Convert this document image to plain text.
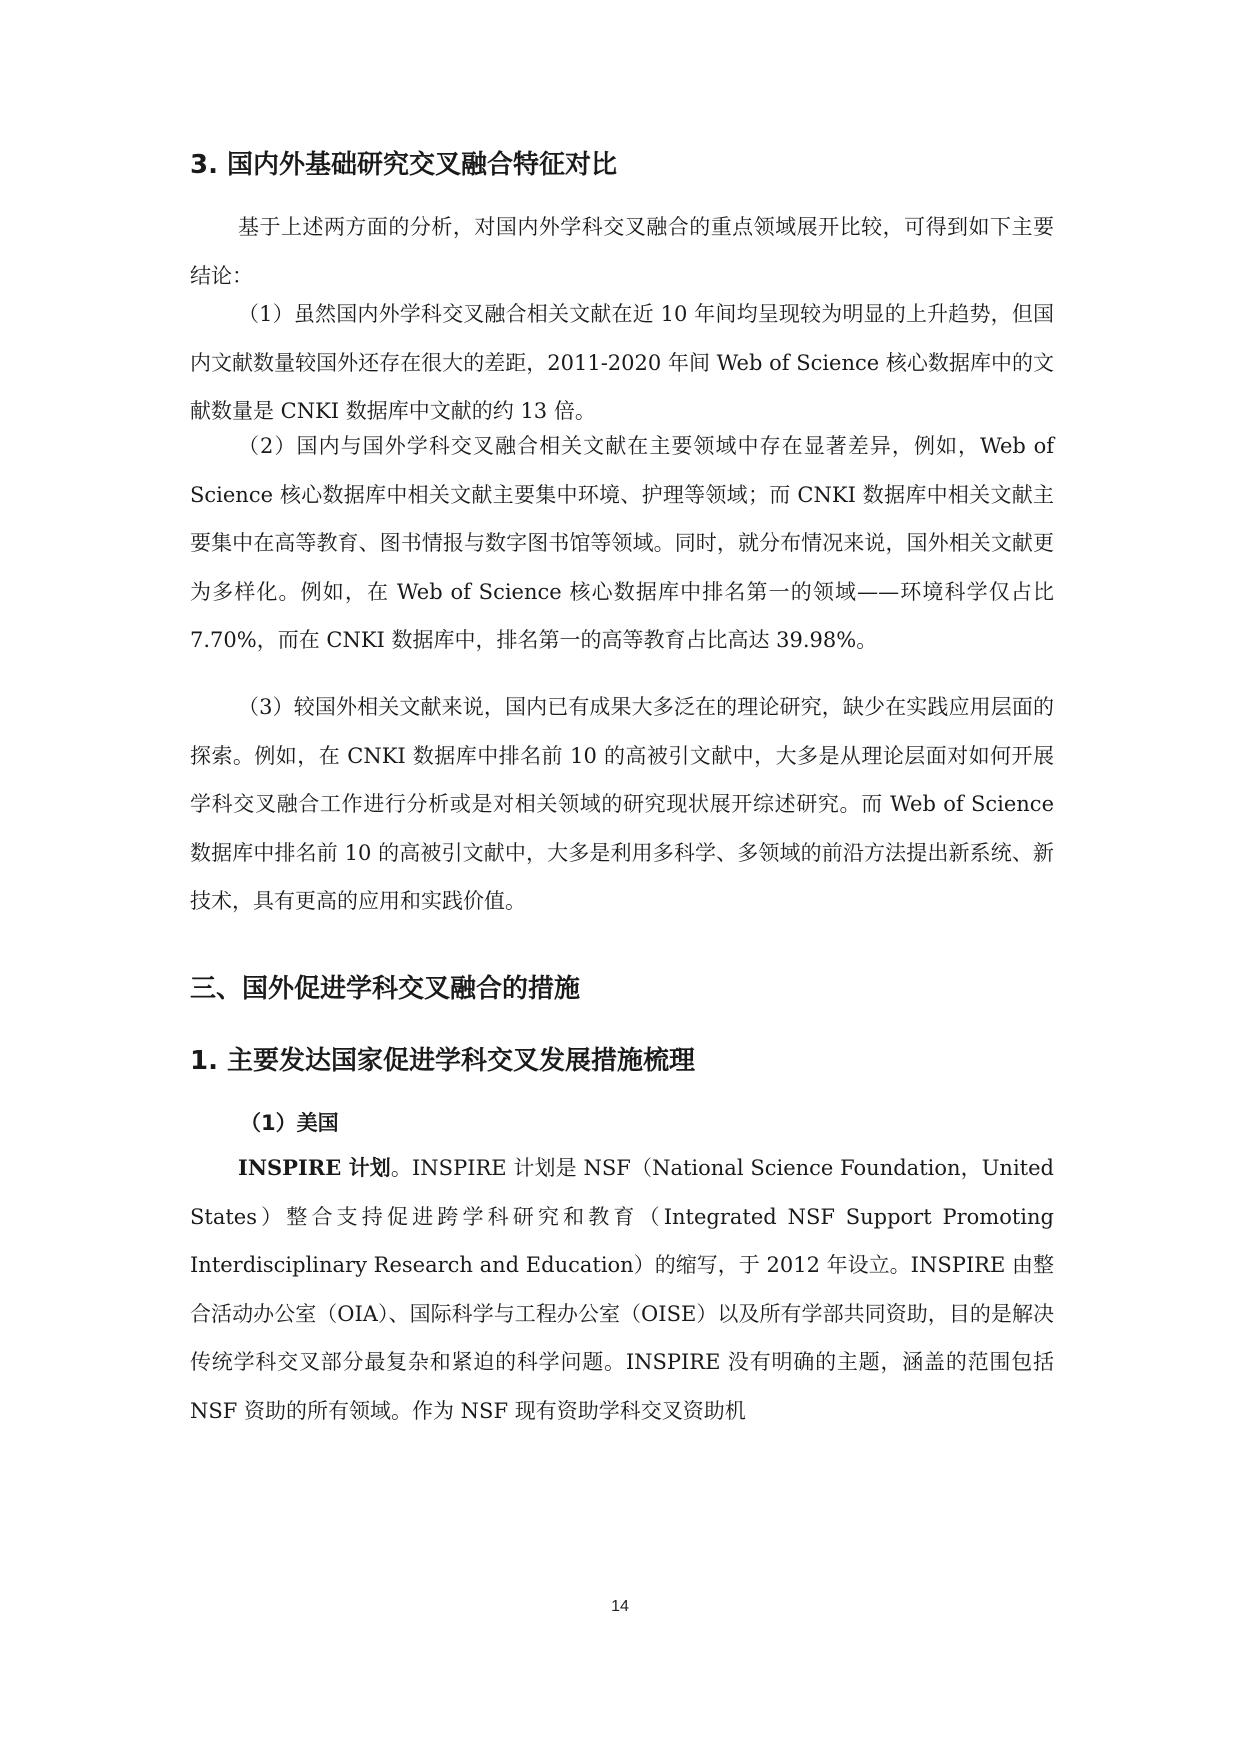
3. 国内外基础研究交叉融合特征对比

基于上述两方面的分析，对国内外学科交叉融合的重点领域展开比较，可得到如下主要结论：

（1）虽然国内外学科交叉融合相关文献在近 10 年间均呈现较为明显的上升趋势，但国内文献数量较国外还存在很大的差距，2011-2020 年间 Web of Science 核心数据库中的文献数量是 CNKI 数据库中文献的约 13 倍。

（2）国内与国外学科交叉融合相关文献在主要领域中存在显著差异，例如，Web of Science 核心数据库中相关文献主要集中环境、护理等领域；而 CNKI 数据库中相关文献主要集中在高等教育、图书情报与数字图书馆等领域。同时，就分布情况来说，国外相关文献更为多样化。例如，在 Web of Science 核心数据库中排名第一的领域——环境科学仅占比 7.70%，而在 CNKI 数据库中，排名第一的高等教育占比高达 39.98%。

（3）较国外相关文献来说，国内已有成果大多泛在的理论研究，缺少在实践应用层面的探索。例如，在 CNKI 数据库中排名前 10 的高被引文献中，大多是从理论层面对如何开展学科交叉融合工作进行分析或是对相关领域的研究现状展开综述研究。而 Web of Science 数据库中排名前 10 的高被引文献中，大多是利用多科学、多领域的前沿方法提出新系统、新技术，具有更高的应用和实践价值。

三、国外促进学科交叉融合的措施
1. 主要发达国家促进学科交叉发展措施梳理
（1）美国

INSPIRE 计划。INSPIRE 计划是 NSF（National Science Foundation，United States）整合支持促进跨学科研究和教育（Integrated NSF Support Promoting Interdisciplinary Research and Education）的缩写，于 2012 年设立。INSPIRE 由整合活动办公室（OIA）、国际科学与工程办公室（OISE）以及所有学部共同资助，目的是解决传统学科交叉部分最复杂和紧迫的科学问题。INSPIRE 没有明确的主题，涵盖的范围包括 NSF 资助的所有领域。作为 NSF 现有资助学科交叉资助机

14
